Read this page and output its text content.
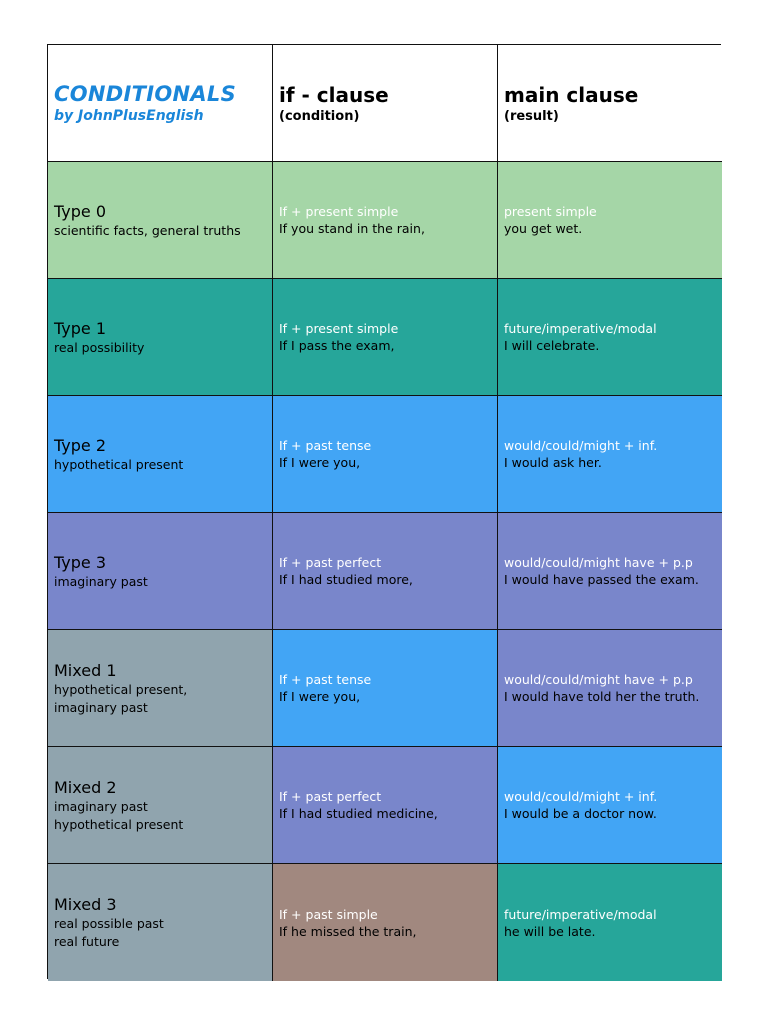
CONDITIONALS
by JohnPlusEnglish
if - clause
(condition)
main clause
(result)
Type 0
scientific facts, general truths
If + present simple
If you stand in the rain,
present simple
you get wet.
Type 1
real possibility
If + present simple
If I pass the exam,
future/imperative/modal
I will celebrate.
Type 2
hypothetical present
If + past tense
If I were you,
would/could/might + inf.
I would ask her.
Type 3
imaginary past
If + past perfect
If I had studied more,
would/could/might have + p.p
I would have passed the exam.
Mixed 1
hypothetical present,
imaginary past
If + past tense
If I were you,
would/could/might have + p.p
I would have told her the truth.
Mixed 2
imaginary past
hypothetical present
If + past perfect
If I had studied medicine,
would/could/might + inf.
I would be a doctor now.
Mixed 3
real possible past
real future
If + past simple
If he missed the train,
future/imperative/modal
he will be late.
